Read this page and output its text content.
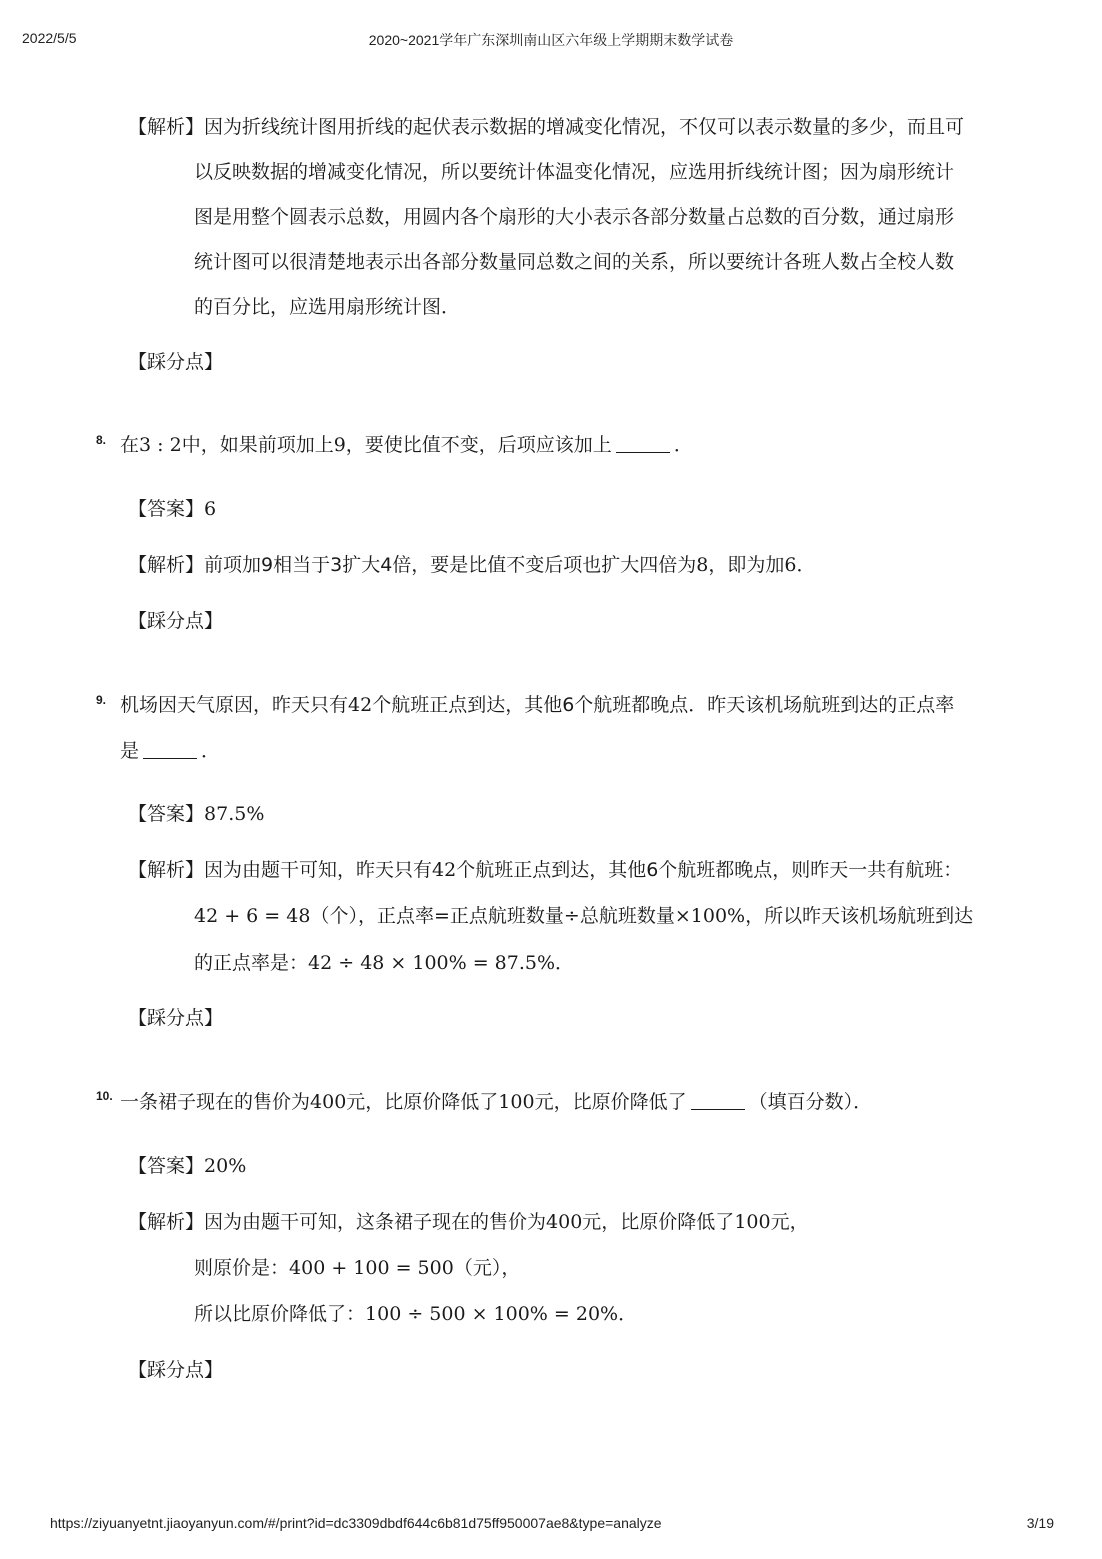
2022/5/5	2020~2021学年广东深圳南山区六年级上学期期末数学试卷
https://ziyuanyetnt.jiaoyanyun.com/#/print?id=dc3309dbdf644c6b81d75ff950007ae8&type=analyze	3/19
【解析】因为折线统计图用折线的起伏表示数据的增减变化情况，不仅可以表示数量的多少，而且可
以反映数据的增减变化情况，所以要统计体温变化情况，应选用折线统计图；因为扇形统计
图是用整个圆表示总数，用圆内各个扇形的大小表示各部分数量占总数的百分数，通过扇形
统计图可以很清楚地表示出各部分数量同总数之间的关系，所以要统计各班人数占全校人数
的百分比，应选用扇形统计图．
【踩分点】
8. 在3 : 2中，如果前项加上9，要使比值不变，后项应该加上	．
【答案】6
【解析】前项加9相当于3扩大4倍，要是比值不变后项也扩大四倍为8，即为加6．
【踩分点】
9. 机场因天气原因，昨天只有42个航班正点到达，其他6个航班都晚点．昨天该机场航班到达的正点率
是	．
【答案】87.5%
【解析】因为由题干可知，昨天只有42个航班正点到达，其他6个航班都晚点，则昨天一共有航班：
42 + 6 = 48（个），正点率=正点航班数量÷总航班数量×100%，所以昨天该机场航班到达
的正点率是：42 ÷ 48 × 100% = 87.5%．
【踩分点】
10. 一条裙子现在的售价为400元，比原价降低了100元，比原价降低了	（填百分数）．
【答案】20%
【解析】因为由题干可知，这条裙子现在的售价为400元，比原价降低了100元，
则原价是：400 + 100 = 500（元），
所以比原价降低了：100 ÷ 500 × 100% = 20%．
【踩分点】
